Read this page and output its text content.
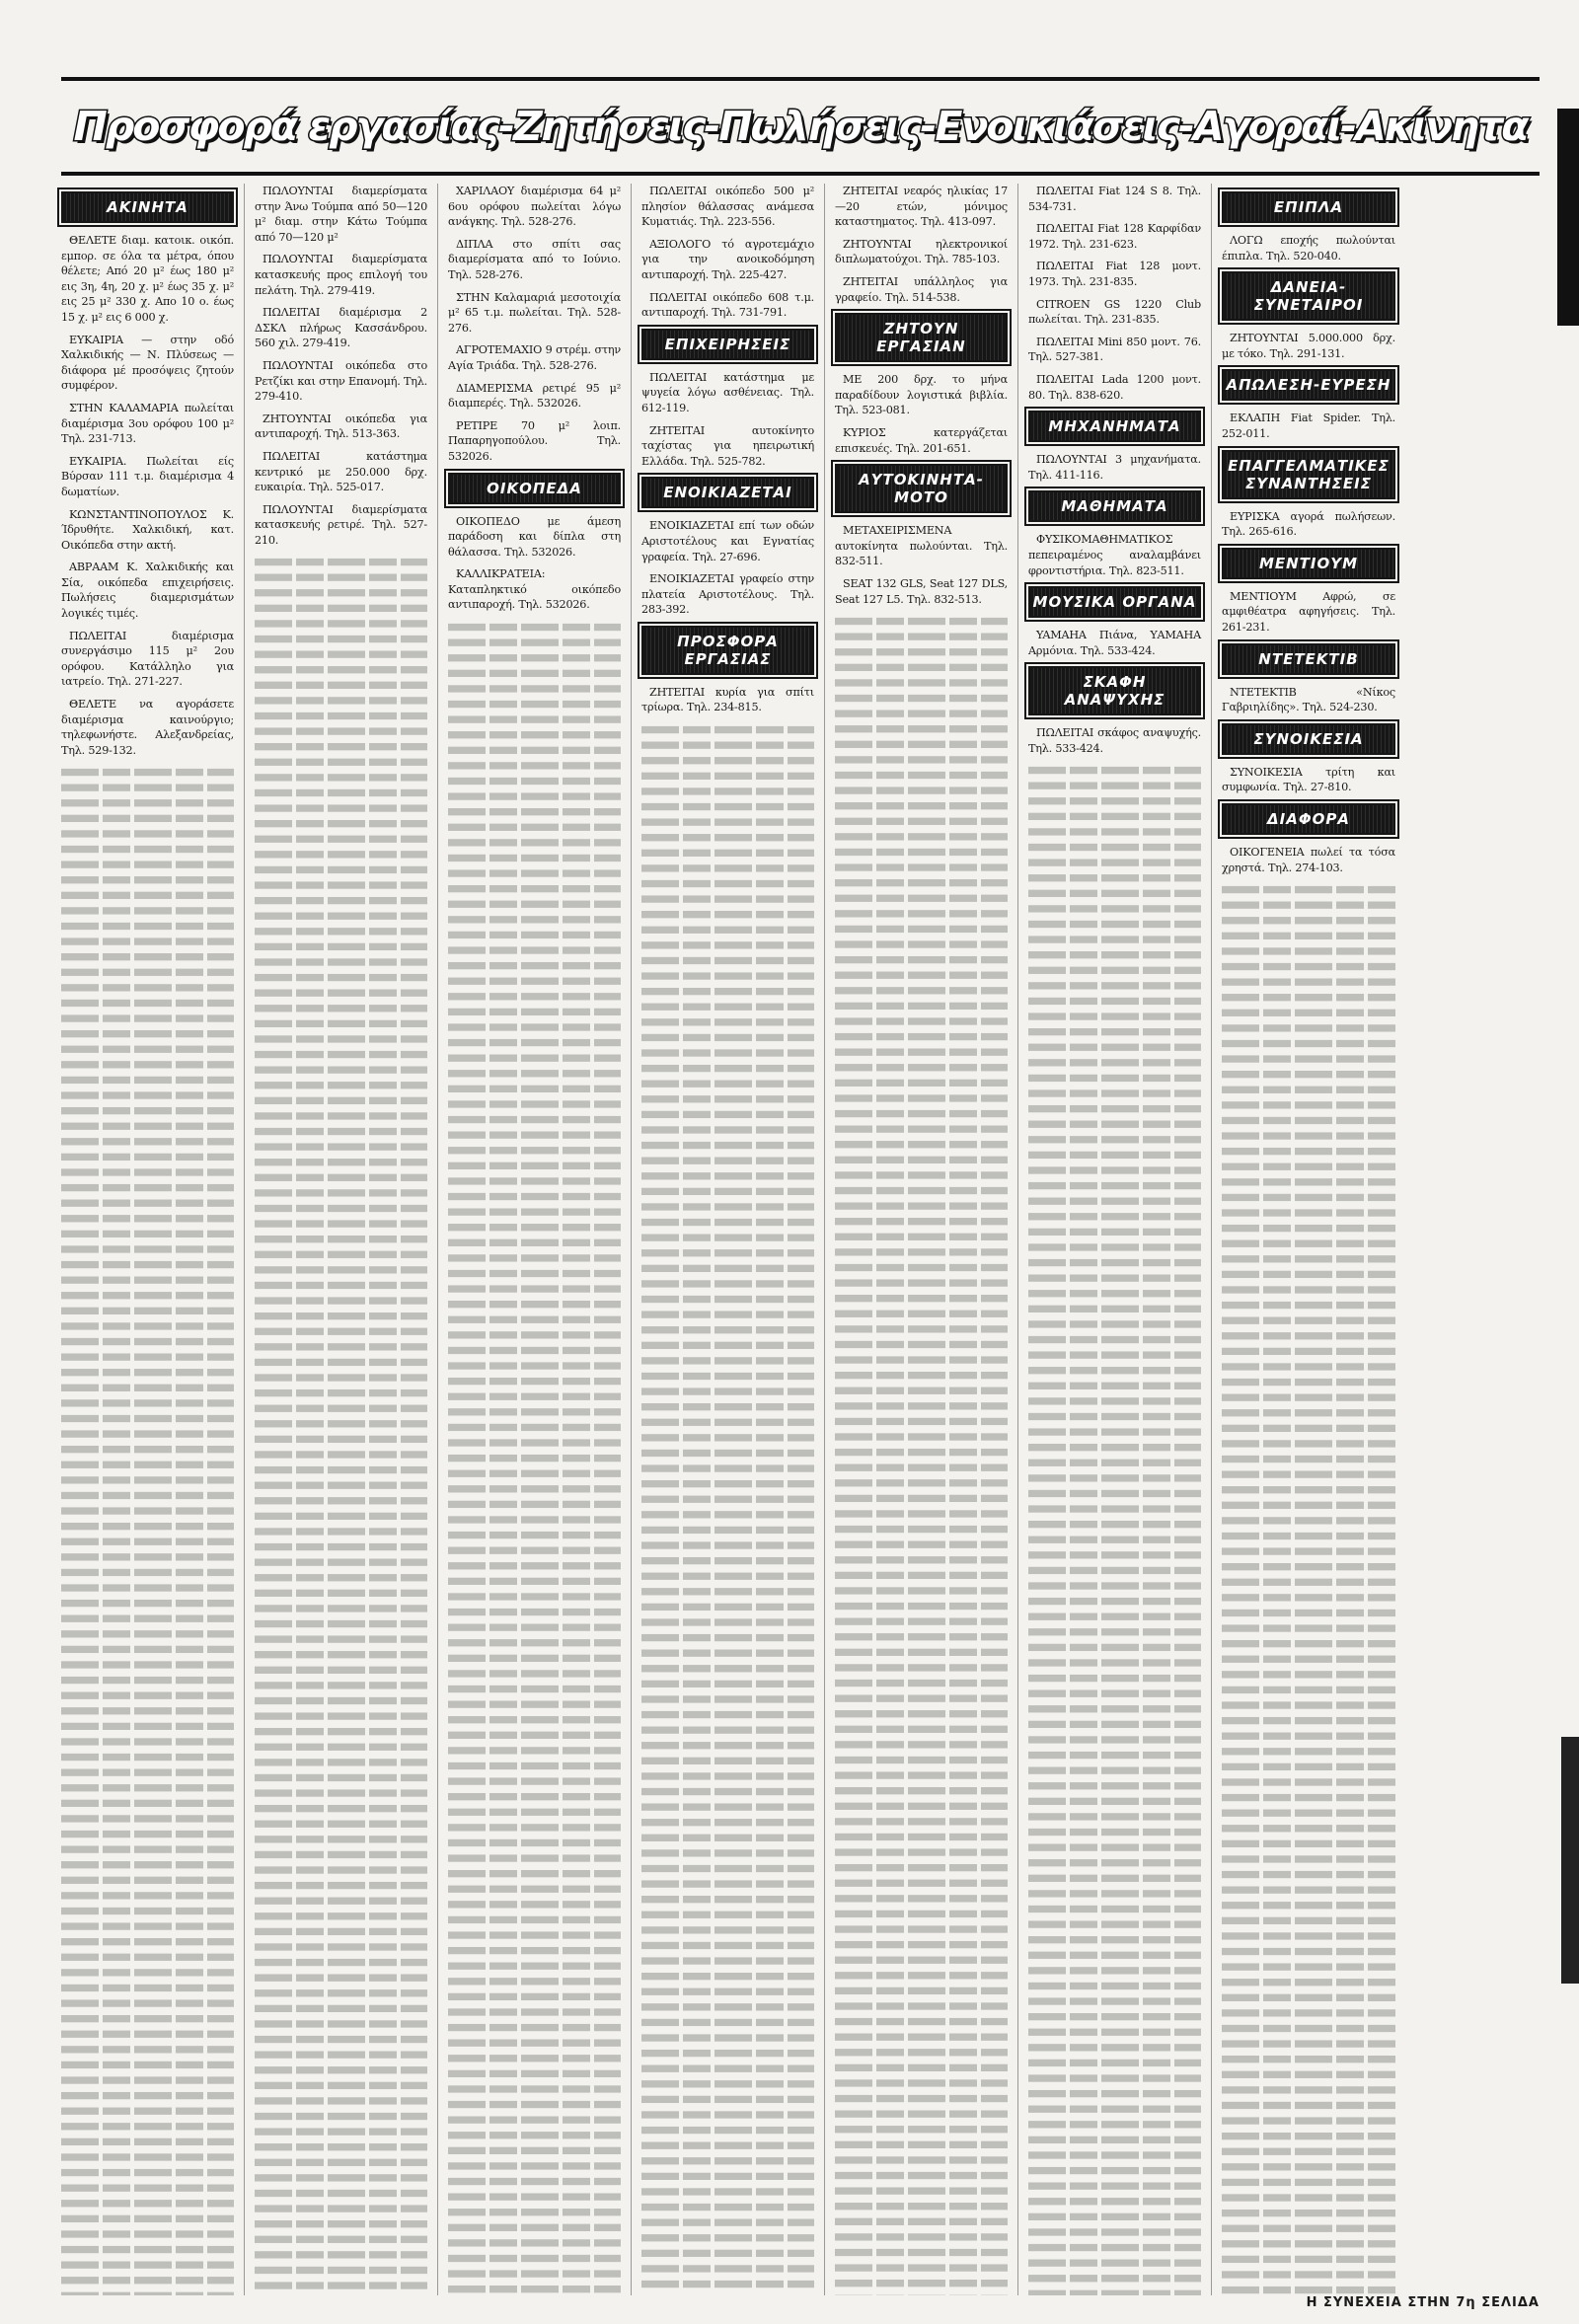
Προσφορά εργασίας-Ζητήσεις-Πωλήσεις-Ενοικιάσεις-Αγοραί-Ακίνητα
ΑΚΙΝΗΤΑ

ΘΕΛΕΤΕ διαμ. κατοικ. οικόπ. εμπορ. σε όλα τα μέτρα, όπου θέλετε; Από 20 μ² έως 180 μ² εις 3η, 4η, 20 χ. μ² έως 35 χ. μ² εις 25 μ² 330 χ. Απο 10 ο. έως 15 χ. μ² εις 6 000 χ.

ΕΥΚΑΙΡΙΑ — στην οδό Χαλκιδικής — Ν. Πλύσεως — διάφορα μέ προσόψεις ζητούν συμφέρον.

ΣΤΗΝ ΚΑΛΑΜΑΡΙΑ πωλείται διαμέρισμα 3ου ορόφου 100 μ² Τηλ. 231-713.

ΕΥΚΑΙΡΙΑ. Πωλείται είς Βύρσαν 111 τ.μ. διαμέρισμα 4 δωματίων.

ΚΩΝΣΤΑΝΤΙΝΟΠΟΥΛΟΣ Κ. Ίδρυθήτε. Χαλκιδική, κατ. Οικόπεδα στην ακτή.

ΑΒΡΑΑΜ Κ. Χαλκιδικής και Σία, οικόπεδα επιχειρήσεις. Πωλήσεις διαμερισμάτων λογικές τιμές.

ΠΩΛΕΙΤΑΙ διαμέρισμα συνεργάσιμο 115 μ² 2ου ορόφου. Κατάλληλο για ιατρείο. Τηλ. 271-227.

ΘΕΛΕΤΕ να αγοράσετε διαμέρισμα καινούργιο; τηλεφωνήστε. Αλεξανδρείας, Τηλ. 529-132.

ΠΩΛΟΥΝΤΑΙ διαμερίσματα στην Άνω Τούμπα από 50—120 μ² διαμ. στην Κάτω Τούμπα από 70—120 μ²

ΠΩΛΟΥΝΤΑΙ διαμερίσματα κατασκευής προς επιλογή του πελάτη. Τηλ. 279-419.

ΠΩΛΕΙΤΑΙ διαμέρισμα 2 ΔΣΚΛ πλήρως Κασσάνδρου. 560 χιλ. 279-419.

ΠΩΛΟΥΝΤΑΙ οικόπεδα στο Ρετζίκι και στην Επανομή. Τηλ. 279-410.

ΖΗΤΟΥΝΤΑΙ οικόπεδα για αντιπαροχή. Τηλ. 513-363.

ΠΩΛΕΙΤΑΙ κατάστημα κεντρικό με 250.000 δρχ. ευκαιρία. Τηλ. 525-017.

ΠΩΛΟΥΝΤΑΙ διαμερίσματα κατασκευής ρετιρέ. Τηλ. 527-210.

ΧΑΡΙΛΑΟΥ διαμέρισμα 64 μ² 6ου ορόφου πωλείται λόγω ανάγκης. Τηλ. 528-276.

ΔΙΠΛΑ στο σπίτι σας διαμερίσματα από το Ιούνιο. Τηλ. 528-276.

ΣΤΗΝ Καλαμαριά μεσοτοιχία μ² 65 τ.μ. πωλείται. Τηλ. 528-276.

ΑΓΡΟΤΕΜΑΧΙΟ 9 στρέμ. στην Αγία Τριάδα. Τηλ. 528-276.

ΔΙΑΜΕΡΙΣΜΑ ρετιρέ 95 μ² διαμπερές. Τηλ. 532026.

ΡΕΤΙΡΕ 70 μ² λοιπ. Παπαρηγοπούλου. Τηλ. 532026.

ΟΙΚΟΠΕΔΑ

ΟΙΚΟΠΕΔΟ με άμεση παράδοση και δίπλα στη θάλασσα. Τηλ. 532026.

ΚΑΛΛΙΚΡΑΤΕΙΑ: Καταπληκτικό οικόπεδο αντιπαροχή. Τηλ. 532026.

ΠΩΛΕΙΤΑΙ οικόπεδο 500 μ² πλησίον θάλασσας ανάμεσα Κυματιάς. Τηλ. 223-556.

ΑΞΙΟΛΟΓΟ τό αγροτεμάχιο για την ανοικοδόμηση αντιπαροχή. Τηλ. 225-427.

ΠΩΛΕΙΤΑΙ οικόπεδο 608 τ.μ. αντιπαροχή. Τηλ. 731-791.

ΕΠΙΧΕΙΡΗΣΕΙΣ

ΠΩΛΕΙΤΑΙ κατάστημα με ψυγεία λόγω ασθένειας. Τηλ. 612-119.

ΖΗΤΕΙΤΑΙ αυτοκίνητο ταχίστας για ηπειρωτική Ελλάδα. Τηλ. 525-782.

ΕΝΟΙΚΙΑΖΕΤΑΙ

ΕΝΟΙΚΙΑΖΕΤΑΙ επί των οδών Αριστοτέλους και Εγνατίας γραφεία. Τηλ. 27-696.

ΕΝΟΙΚΙΑΖΕΤΑΙ γραφείο στην πλατεία Αριστοτέλους. Τηλ. 283-392.

ΠΡΟΣΦΟΡΑ ΕΡΓΑΣΙΑΣ

ΖΗΤΕΙΤΑΙ κυρία για σπίτι τρίωρα. Τηλ. 234-815.

ΖΗΤΕΙΤΑΙ νεαρός ηλικίας 17—20 ετών, μόνιμος καταστηματος. Τηλ. 413-097.

ΖΗΤΟΥΝΤΑΙ ηλεκτρονικοί διπλωματούχοι. Τηλ. 785-103.

ΖΗΤΕΙΤΑΙ υπάλληλος για γραφείο. Τηλ. 514-538.

ΖΗΤΟΥΝ ΕΡΓΑΣΙΑΝ

ΜΕ 200 δρχ. το μήνα παραδίδουν λογιστικά βιβλία. Τηλ. 523-081.

ΚΥΡΙΟΣ κατεργάζεται επισκευές. Τηλ. 201-651.

ΑΥΤΟΚΙΝΗΤΑ-ΜΟΤΟ

ΜΕΤΑΧΕΙΡΙΣΜΕΝΑ αυτοκίνητα πωλούνται. Τηλ. 832-511.

SEAT 132 GLS, Seat 127 DLS, Seat 127 L5. Τηλ. 832-513.

ΠΩΛΕΙΤΑΙ Fiat 124 S 8. Τηλ. 534-731.

ΠΩΛΕΙΤΑΙ Fiat 128 Καρφίδαν 1972. Τηλ. 231-623.

ΠΩΛΕΙΤΑΙ Fiat 128 μοντ. 1973. Τηλ. 231-835.

CITROEN GS 1220 Club πωλείται. Τηλ. 231-835.

ΠΩΛΕΙΤΑΙ Mini 850 μοντ. 76. Τηλ. 527-381.

ΠΩΛΕΙΤΑΙ Lada 1200 μοντ. 80. Τηλ. 838-620.

ΜΗΧΑΝΗΜΑΤΑ

ΠΩΛΟΥΝΤΑΙ 3 μηχανήματα. Τηλ. 411-116.

ΜΑΘΗΜΑΤΑ

ΦΥΣΙΚΟΜΑΘΗΜΑΤΙΚΟΣ πεπειραμένος αναλαμβάνει φροντιστήρια. Τηλ. 823-511.

ΜΟΥΣΙΚΑ ΟΡΓΑΝΑ

YAMAHA Πιάνα, ΥΑΜΑΗΑ Αρμόνια. Τηλ. 533-424.

ΣΚΑΦΗ ΑΝΑΨΥΧΗΣ

ΠΩΛΕΙΤΑΙ σκάφος αναψυχής. Τηλ. 533-424.

ΕΠΙΠΛΑ

ΛΟΓΩ εποχής πωλούνται έπιπλα. Τηλ. 520-040.

ΔΑΝΕΙΑ-ΣΥΝΕΤΑΙΡΟΙ

ΖΗΤΟΥΝΤΑΙ 5.000.000 δρχ. με τόκο. Τηλ. 291-131.

ΑΠΩΛΕΣΗ-ΕΥΡΕΣΗ

ΕΚΛΑΠΗ Fiat Spider. Τηλ. 252-011.

ΕΠΑΓΓΕΛΜΑΤΙΚΕΣ ΣΥΝΑΝΤΗΣΕΙΣ

ΕΥΡΙΣΚΑ αγορά πωλήσεων. Τηλ. 265-616.

ΜΕΝΤΙΟΥΜ

ΜΕΝΤΙΟΥΜ Αφρώ, σε αμφιθέατρα αφηγήσεις. Τηλ. 261-231.

ΝΤΕΤΕΚΤΙΒ

ΝΤΕΤΕΚΤΙΒ «Νίκος Γαβριηλίδης». Τηλ. 524-230.

ΣΥΝΟΙΚΕΣΙΑ

ΣΥΝΟΙΚΕΣΙΑ τρίτη και συμφωνία. Τηλ. 27-810.

ΔΙΑΦΟΡΑ

ΟΙΚΟΓΕΝΕΙΑ πωλεί τα τόσα χρηστά. Τηλ. 274-103.

Η ΣΥΝΕΧΕΙΑ ΣΤΗΝ 7η ΣΕΛΙΔΑ
